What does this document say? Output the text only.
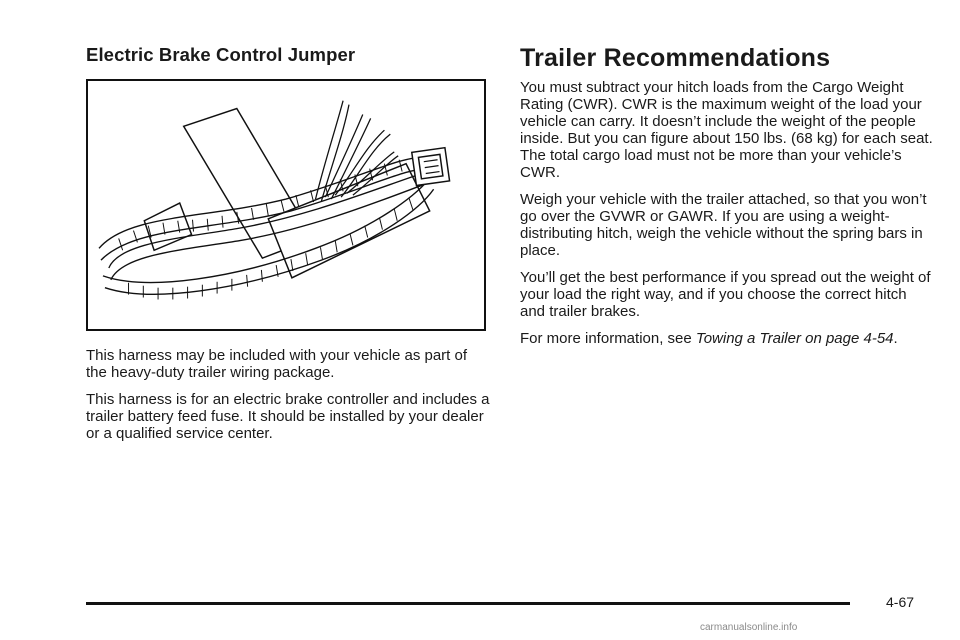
Electric Brake Control Jumper

This harness may be included with your vehicle as part of the heavy-duty trailer wiring package.

This harness is for an electric brake controller and includes a trailer battery feed fuse. It should be installed by your dealer or a qualified service center.

Trailer Recommendations

You must subtract your hitch loads from the Cargo Weight Rating (CWR). CWR is the maximum weight of the load your vehicle can carry. It doesn’t include the weight of the people inside. But you can figure about 150 lbs. (68 kg) for each seat. The total cargo load must not be more than your vehicle’s CWR.

Weigh your vehicle with the trailer attached, so that you won’t go over the GVWR or GAWR. If you are using a weight-distributing hitch, weigh the vehicle without the spring bars in place.

You’ll get the best performance if you spread out the weight of your load the right way, and if you choose the correct hitch and trailer brakes.

For more information, see Towing a Trailer on page 4-54.

4-67
carmanualsonline.info
